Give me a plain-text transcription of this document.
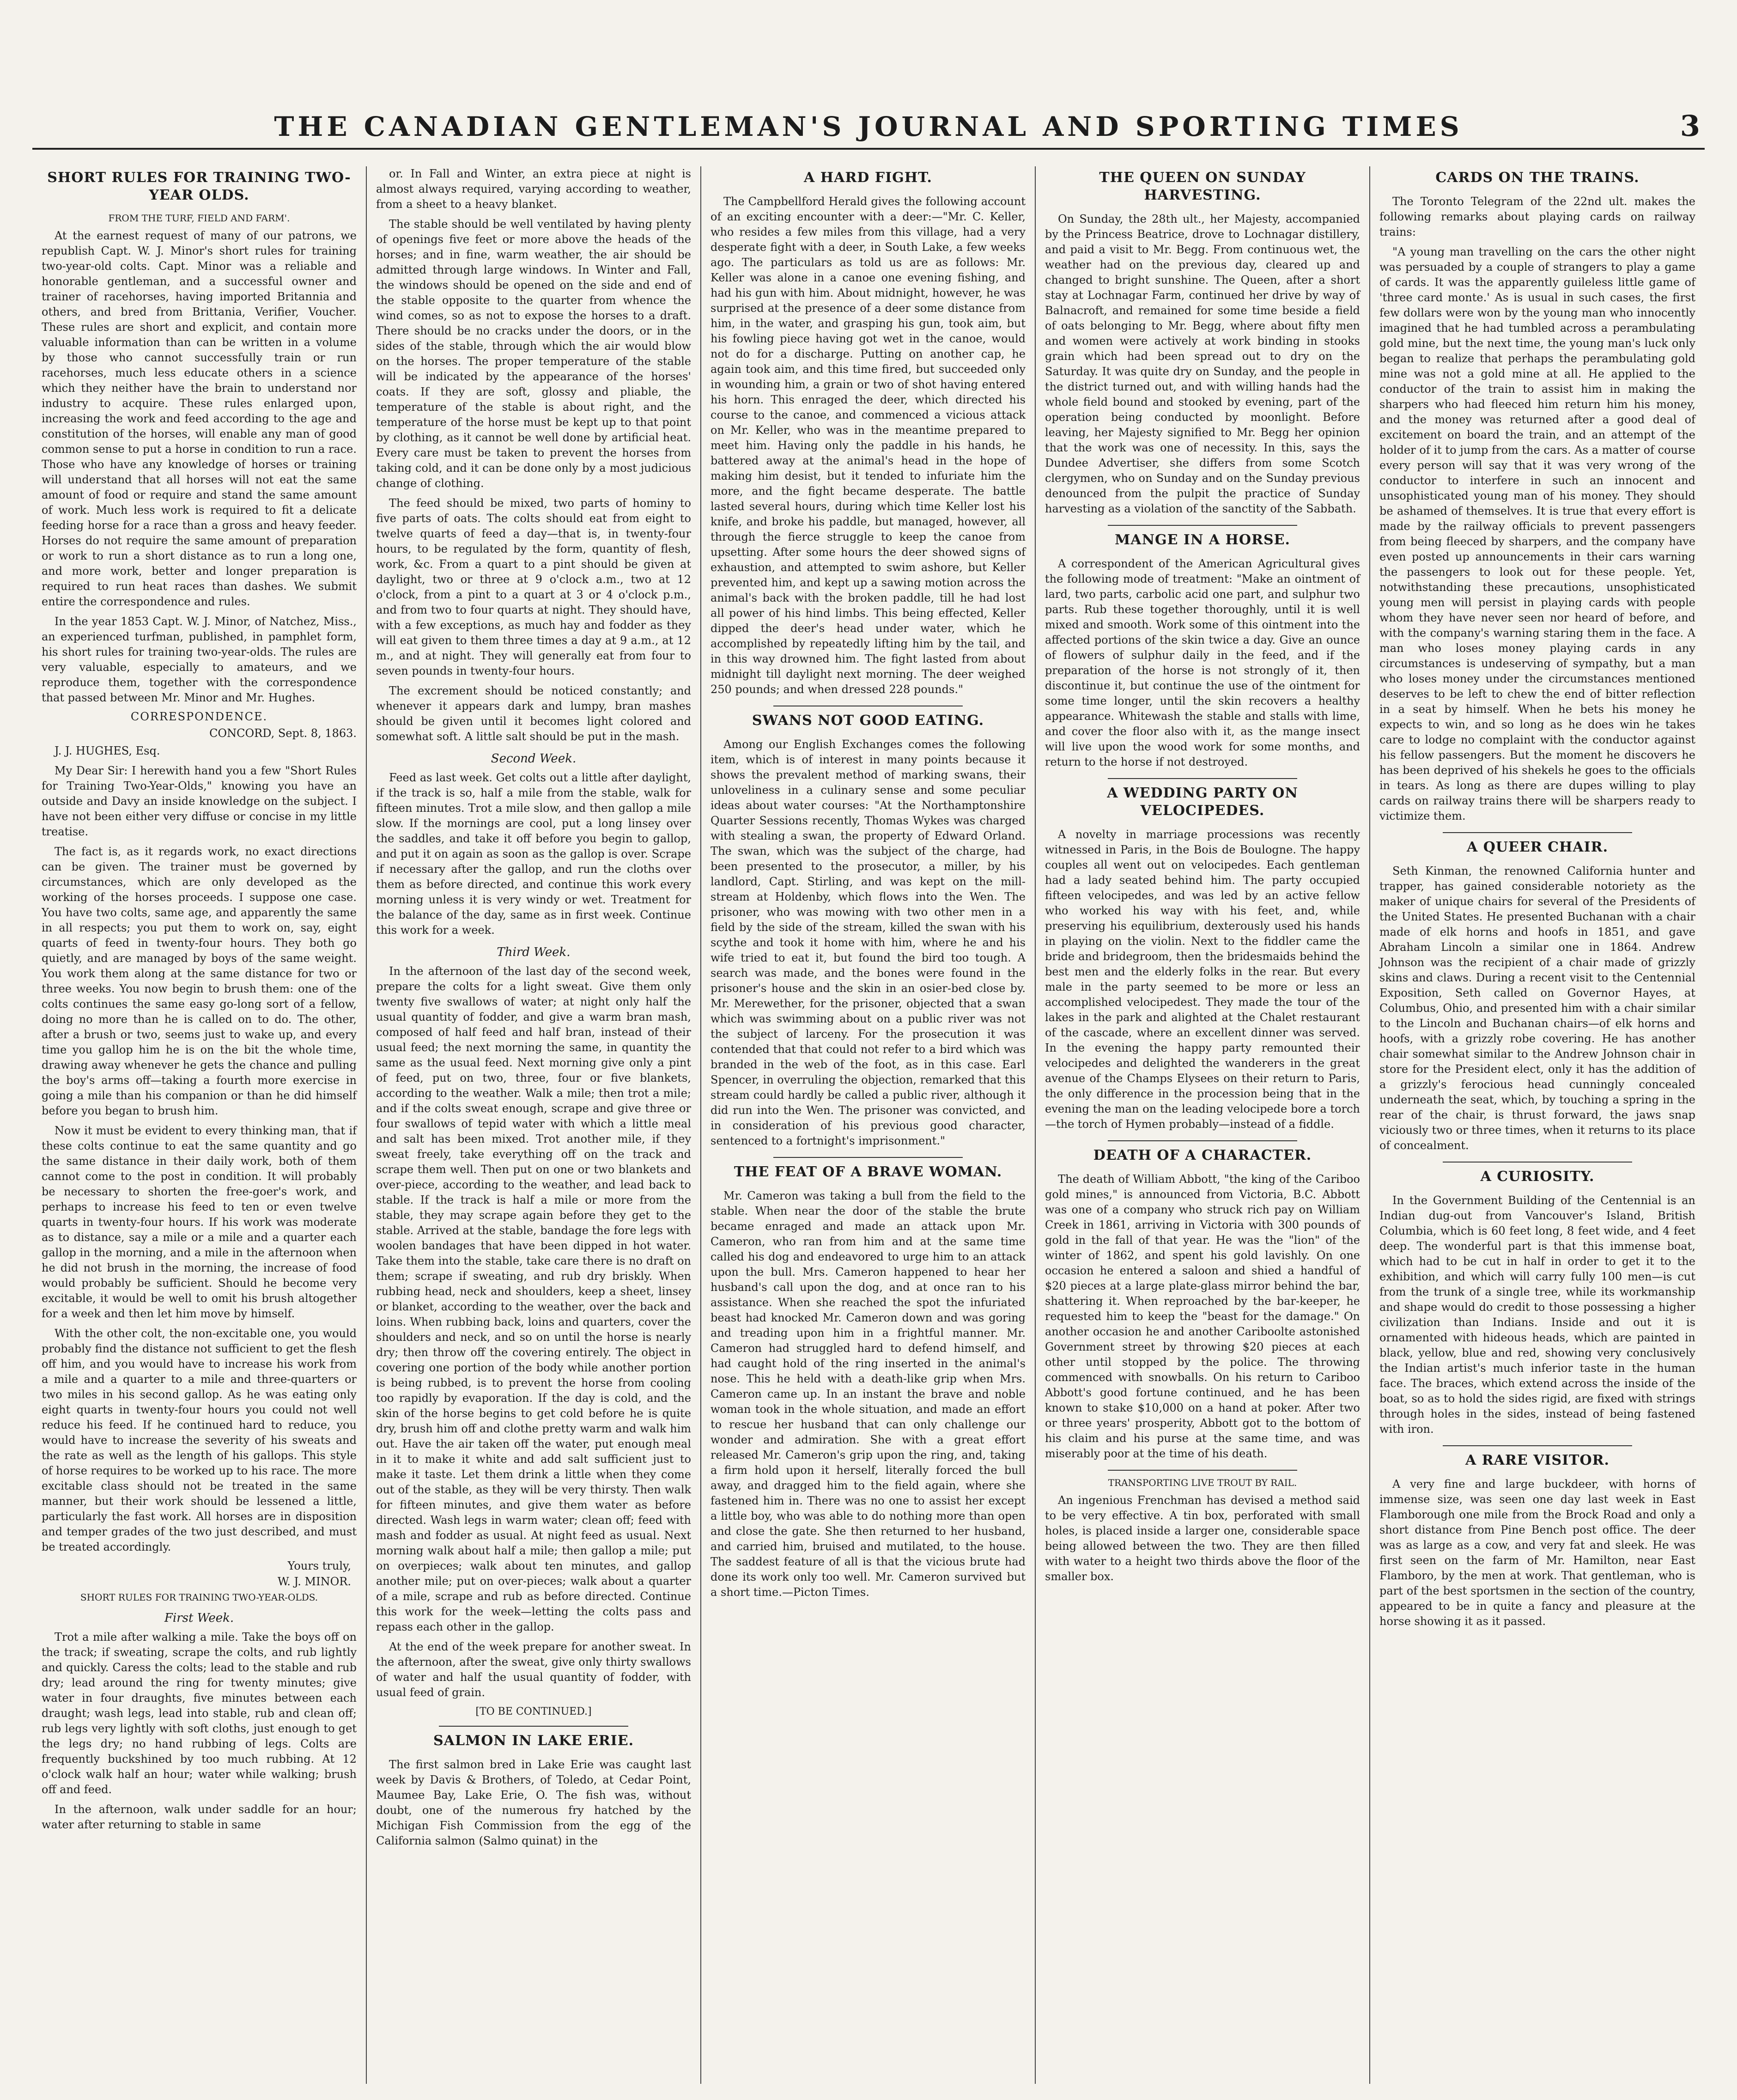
THE CANADIAN GENTLEMAN'S JOURNAL AND SPORTING TIMES	3
SHORT RULES FOR TRAINING TWO-YEAR OLDS.
FROM THE TURF, FIELD AND FARM'.

At the earnest request of many of our patrons, we republish Capt. W. J. Minor's short rules for training two-year-old colts. Capt. Minor was a reliable and honorable gentleman, and a successful owner and trainer of racehorses, having imported Britannia and others, and bred from Brittania, Verifier, Voucher. These rules are short and explicit, and contain more valuable information than can be written in a volume by those who cannot successfully train or run racehorses, much less educate others in a science which they neither have the brain to understand nor industry to acquire. These rules enlarged upon, increasing the work and feed according to the age and constitution of the horses, will enable any man of good common sense to put a horse in condition to run a race. Those who have any knowledge of horses or training will understand that all horses will not eat the same amount of food or require and stand the same amount of work. Much less work is required to fit a delicate feeding horse for a race than a gross and heavy feeder. Horses do not require the same amount of preparation or work to run a short distance as to run a long one, and more work, better and longer preparation is required to run heat races than dashes. We submit entire the correspondence and rules.

In the year 1853 Capt. W. J. Minor, of Natchez, Miss., an experienced turfman, published, in pamphlet form, his short rules for training two-year-olds. The rules are very valuable, especially to amateurs, and we reproduce them, together with the correspondence that passed between Mr. Minor and Mr. Hughes.

CORRESPONDENCE.
CONCORD, Sept. 8, 1863.

J. J. HUGHES, Esq.

My Dear Sir: I herewith hand you a few "Short Rules for Training Two-Year-Olds," knowing you have an outside and Davy an inside knowledge on the subject. I have not been either very diffuse or concise in my little treatise.

The fact is, as it regards work, no exact directions can be given. The trainer must be governed by circumstances, which are only developed as the working of the horses proceeds. I suppose one case. You have two colts, same age, and apparently the same in all respects; you put them to work on, say, eight quarts of feed in twenty-four hours. They both go quietly, and are managed by boys of the same weight. You work them along at the same distance for two or three weeks. You now begin to brush them: one of the colts continues the same easy go-long sort of a fellow, doing no more than he is called on to do. The other, after a brush or two, seems just to wake up, and every time you gallop him he is on the bit the whole time, drawing away whenever he gets the chance and pulling the boy's arms off—taking a fourth more exercise in going a mile than his companion or than he did himself before you began to brush him.

Now it must be evident to every thinking man, that if these colts continue to eat the same quantity and go the same distance in their daily work, both of them cannot come to the post in condition. It will probably be necessary to shorten the free-goer's work, and perhaps to increase his feed to ten or even twelve quarts in twenty-four hours. If his work was moderate as to distance, say a mile or a mile and a quarter each gallop in the morning, and a mile in the afternoon when he did not brush in the morning, the increase of food would probably be sufficient. Should he become very excitable, it would be well to omit his brush altogether for a week and then let him move by himself.

With the other colt, the non-excitable one, you would probably find the distance not sufficient to get the flesh off him, and you would have to increase his work from a mile and a quarter to a mile and three-quarters or two miles in his second gallop. As he was eating only eight quarts in twenty-four hours you could not well reduce his feed. If he continued hard to reduce, you would have to increase the severity of his sweats and the rate as well as the length of his gallops. This style of horse requires to be worked up to his race. The more excitable class should not be treated in the same manner, but their work should be lessened a little, particularly the fast work. All horses are in disposition and temper grades of the two just described, and must be treated accordingly.

Yours truly,
W. J. MINOR.
SHORT RULES FOR TRAINING TWO-YEAR-OLDS.
First Week.

Trot a mile after walking a mile. Take the boys off on the track; if sweating, scrape the colts, and rub lightly and quickly. Caress the colts; lead to the stable and rub dry; lead around the ring for twenty minutes; give water in four draughts, five minutes between each draught; wash legs, lead into stable, rub and clean off; rub legs very lightly with soft cloths, just enough to get the legs dry; no hand rubbing of legs. Colts are frequently buckshined by too much rubbing. At 12 o'clock walk half an hour; water while walking; brush off and feed.

In the afternoon, walk under saddle for an hour; water after returning to stable in same

or. In Fall and Winter, an extra piece at night is almost always required, varying according to weather, from a sheet to a heavy blanket.

The stable should be well ventilated by having plenty of openings five feet or more above the heads of the horses; and in fine, warm weather, the air should be admitted through large windows. In Winter and Fall, the windows should be opened on the side and end of the stable opposite to the quarter from whence the wind comes, so as not to expose the horses to a draft. There should be no cracks under the doors, or in the sides of the stable, through which the air would blow on the horses. The proper temperature of the stable will be indicated by the appearance of the horses' coats. If they are soft, glossy and pliable, the temperature of the stable is about right, and the temperature of the horse must be kept up to that point by clothing, as it cannot be well done by artificial heat. Every care must be taken to prevent the horses from taking cold, and it can be done only by a most judicious change of clothing.

The feed should be mixed, two parts of hominy to five parts of oats. The colts should eat from eight to twelve quarts of feed a day—that is, in twenty-four hours, to be regulated by the form, quantity of flesh, work, &c. From a quart to a pint should be given at daylight, two or three at 9 o'clock a.m., two at 12 o'clock, from a pint to a quart at 3 or 4 o'clock p.m., and from two to four quarts at night. They should have, with a few exceptions, as much hay and fodder as they will eat given to them three times a day at 9 a.m., at 12 m., and at night. They will generally eat from four to seven pounds in twenty-four hours.

The excrement should be noticed constantly; and whenever it appears dark and lumpy, bran mashes should be given until it becomes light colored and somewhat soft. A little salt should be put in the mash.

Second Week.

Feed as last week. Get colts out a little after daylight, if the track is so, half a mile from the stable, walk for fifteen minutes. Trot a mile slow, and then gallop a mile slow. If the mornings are cool, put a long linsey over the saddles, and take it off before you begin to gallop, and put it on again as soon as the gallop is over. Scrape if necessary after the gallop, and run the cloths over them as before directed, and continue this work every morning unless it is very windy or wet. Treatment for the balance of the day, same as in first week. Continue this work for a week.

Third Week.

In the afternoon of the last day of the second week, prepare the colts for a light sweat. Give them only twenty five swallows of water; at night only half the usual quantity of fodder, and give a warm bran mash, composed of half feed and half bran, instead of their usual feed; the next morning the same, in quantity the same as the usual feed. Next morning give only a pint of feed, put on two, three, four or five blankets, according to the weather. Walk a mile; then trot a mile; and if the colts sweat enough, scrape and give three or four swallows of tepid water with which a little meal and salt has been mixed. Trot another mile, if they sweat freely, take everything off on the track and scrape them well. Then put on one or two blankets and over-piece, according to the weather, and lead back to stable. If the track is half a mile or more from the stable, they may scrape again before they get to the stable. Arrived at the stable, bandage the fore legs with woolen bandages that have been dipped in hot water. Take them into the stable, take care there is no draft on them; scrape if sweating, and rub dry briskly. When rubbing head, neck and shoulders, keep a sheet, linsey or blanket, according to the weather, over the back and loins. When rubbing back, loins and quarters, cover the shoulders and neck, and so on until the horse is nearly dry; then throw off the covering entirely. The object in covering one portion of the body while another portion is being rubbed, is to prevent the horse from cooling too rapidly by evaporation. If the day is cold, and the skin of the horse begins to get cold before he is quite dry, brush him off and clothe pretty warm and walk him out. Have the air taken off the water, put enough meal in it to make it white and add salt sufficient just to make it taste. Let them drink a little when they come out of the stable, as they will be very thirsty. Then walk for fifteen minutes, and give them water as before directed. Wash legs in warm water; clean off; feed with mash and fodder as usual. At night feed as usual. Next morning walk about half a mile; then gallop a mile; put on overpieces; walk about ten minutes, and gallop another mile; put on over-pieces; walk about a quarter of a mile, scrape and rub as before directed. Continue this work for the week—letting the colts pass and repass each other in the gallop.

At the end of the week prepare for another sweat. In the afternoon, after the sweat, give only thirty swallows of water and half the usual quantity of fodder, with usual feed of grain.

[TO BE CONTINUED.]
SALMON IN LAKE ERIE.

The first salmon bred in Lake Erie was caught last week by Davis & Brothers, of Toledo, at Cedar Point, Maumee Bay, Lake Erie, O. The fish was, without doubt, one of the numerous fry hatched by the Michigan Fish Commission from the egg of the California salmon (Salmo quinat) in the

A HARD FIGHT.

The Campbellford Herald gives the following account of an exciting encounter with a deer:—"Mr. C. Keller, who resides a few miles from this village, had a very desperate fight with a deer, in South Lake, a few weeks ago. The particulars as told us are as follows: Mr. Keller was alone in a canoe one evening fishing, and had his gun with him. About midnight, however, he was surprised at the presence of a deer some distance from him, in the water, and grasping his gun, took aim, but his fowling piece having got wet in the canoe, would not do for a discharge. Putting on another cap, he again took aim, and this time fired, but succeeded only in wounding him, a grain or two of shot having entered his horn. This enraged the deer, which directed his course to the canoe, and commenced a vicious attack on Mr. Keller, who was in the meantime prepared to meet him. Having only the paddle in his hands, he battered away at the animal's head in the hope of making him desist, but it tended to infuriate him the more, and the fight became desperate. The battle lasted several hours, during which time Keller lost his knife, and broke his paddle, but managed, however, all through the fierce struggle to keep the canoe from upsetting. After some hours the deer showed signs of exhaustion, and attempted to swim ashore, but Keller prevented him, and kept up a sawing motion across the animal's back with the broken paddle, till he had lost all power of his hind limbs. This being effected, Keller dipped the deer's head under water, which he accomplished by repeatedly lifting him by the tail, and in this way drowned him. The fight lasted from about midnight till daylight next morning. The deer weighed 250 pounds; and when dressed 228 pounds."

SWANS NOT GOOD EATING.

Among our English Exchanges comes the following item, which is of interest in many points because it shows the prevalent method of marking swans, their unloveliness in a culinary sense and some peculiar ideas about water courses: "At the Northamptonshire Quarter Sessions recently, Thomas Wykes was charged with stealing a swan, the property of Edward Orland. The swan, which was the subject of the charge, had been presented to the prosecutor, a miller, by his landlord, Capt. Stirling, and was kept on the mill-stream at Holdenby, which flows into the Wen. The prisoner, who was mowing with two other men in a field by the side of the stream, killed the swan with his scythe and took it home with him, where he and his wife tried to eat it, but found the bird too tough. A search was made, and the bones were found in the prisoner's house and the skin in an osier-bed close by. Mr. Merewether, for the prisoner, objected that a swan which was swimming about on a public river was not the subject of larceny. For the prosecution it was contended that that could not refer to a bird which was branded in the web of the foot, as in this case. Earl Spencer, in overruling the objection, remarked that this stream could hardly be called a public river, although it did run into the Wen. The prisoner was convicted, and in consideration of his previous good character, sentenced to a fortnight's imprisonment."

THE FEAT OF A BRAVE WOMAN.

Mr. Cameron was taking a bull from the field to the stable. When near the door of the stable the brute became enraged and made an attack upon Mr. Cameron, who ran from him and at the same time called his dog and endeavored to urge him to an attack upon the bull. Mrs. Cameron happened to hear her husband's call upon the dog, and at once ran to his assistance. When she reached the spot the infuriated beast had knocked Mr. Cameron down and was goring and treading upon him in a frightful manner. Mr. Cameron had struggled hard to defend himself, and had caught hold of the ring inserted in the animal's nose. This he held with a death-like grip when Mrs. Cameron came up. In an instant the brave and noble woman took in the whole situation, and made an effort to rescue her husband that can only challenge our wonder and admiration. She with a great effort released Mr. Cameron's grip upon the ring, and, taking a firm hold upon it herself, literally forced the bull away, and dragged him to the field again, where she fastened him in. There was no one to assist her except a little boy, who was able to do nothing more than open and close the gate. She then returned to her husband, and carried him, bruised and mutilated, to the house. The saddest feature of all is that the vicious brute had done its work only too well. Mr. Cameron survived but a short time.—Picton Times.

THE QUEEN ON SUNDAY HARVESTING.

On Sunday, the 28th ult., her Majesty, accompanied by the Princess Beatrice, drove to Lochnagar distillery, and paid a visit to Mr. Begg. From continuous wet, the weather had on the previous day, cleared up and changed to bright sunshine. The Queen, after a short stay at Lochnagar Farm, continued her drive by way of Balnacroft, and remained for some time beside a field of oats belonging to Mr. Begg, where about fifty men and women were actively at work binding in stooks grain which had been spread out to dry on the Saturday. It was quite dry on Sunday, and the people in the district turned out, and with willing hands had the whole field bound and stooked by evening, part of the operation being conducted by moonlight. Before leaving, her Majesty signified to Mr. Begg her opinion that the work was one of necessity. In this, says the Dundee Advertiser, she differs from some Scotch clergymen, who on Sunday and on the Sunday previous denounced from the pulpit the practice of Sunday harvesting as a violation of the sanctity of the Sabbath.

MANGE IN A HORSE.

A correspondent of the American Agricultural gives the following mode of treatment: "Make an ointment of lard, two parts, carbolic acid one part, and sulphur two parts. Rub these together thoroughly, until it is well mixed and smooth. Work some of this ointment into the affected portions of the skin twice a day. Give an ounce of flowers of sulphur daily in the feed, and if the preparation of the horse is not strongly of it, then discontinue it, but continue the use of the ointment for some time longer, until the skin recovers a healthy appearance. Whitewash the stable and stalls with lime, and cover the floor also with it, as the mange insect will live upon the wood work for some months, and return to the horse if not destroyed.

A WEDDING PARTY ON VELOCIPEDES.

A novelty in marriage processions was recently witnessed in Paris, in the Bois de Boulogne. The happy couples all went out on velocipedes. Each gentleman had a lady seated behind him. The party occupied fifteen velocipedes, and was led by an active fellow who worked his way with his feet, and, while preserving his equilibrium, dexterously used his hands in playing on the violin. Next to the fiddler came the bride and bridegroom, then the bridesmaids behind the best men and the elderly folks in the rear. But every male in the party seemed to be more or less an accomplished velocipedest. They made the tour of the lakes in the park and alighted at the Chalet restaurant of the cascade, where an excellent dinner was served. In the evening the happy party remounted their velocipedes and delighted the wanderers in the great avenue of the Champs Elysees on their return to Paris, the only difference in the procession being that in the evening the man on the leading velocipede bore a torch—the torch of Hymen probably—instead of a fiddle.

DEATH OF A CHARACTER.

The death of William Abbott, "the king of the Cariboo gold mines," is announced from Victoria, B.C. Abbott was one of a company who struck rich pay on William Creek in 1861, arriving in Victoria with 300 pounds of gold in the fall of that year. He was the "lion" of the winter of 1862, and spent his gold lavishly. On one occasion he entered a saloon and shied a handful of $20 pieces at a large plate-glass mirror behind the bar, shattering it. When reproached by the bar-keeper, he requested him to keep the "beast for the damage." On another occasion he and another Cariboolte astonished Government street by throwing $20 pieces at each other until stopped by the police. The throwing commenced with snowballs. On his return to Cariboo Abbott's good fortune continued, and he has been known to stake $10,000 on a hand at poker. After two or three years' prosperity, Abbott got to the bottom of his claim and his purse at the same time, and was miserably poor at the time of his death.

TRANSPORTING LIVE TROUT BY RAIL.

An ingenious Frenchman has devised a method said to be very effective. A tin box, perforated with small holes, is placed inside a larger one, considerable space being allowed between the two. They are then filled with water to a height two thirds above the floor of the smaller box.

CARDS ON THE TRAINS.

The Toronto Telegram of the 22nd ult. makes the following remarks about playing cards on railway trains:

"A young man travelling on the cars the other night was persuaded by a couple of strangers to play a game of cards. It was the apparently guileless little game of 'three card monte.' As is usual in such cases, the first few dollars were won by the young man who innocently imagined that he had tumbled across a perambulating gold mine, but the next time, the young man's luck only began to realize that perhaps the perambulating gold mine was not a gold mine at all. He applied to the conductor of the train to assist him in making the sharpers who had fleeced him return him his money, and the money was returned after a good deal of excitement on board the train, and an attempt of the holder of it to jump from the cars. As a matter of course every person will say that it was very wrong of the conductor to interfere in such an innocent and unsophisticated young man of his money. They should be ashamed of themselves. It is true that every effort is made by the railway officials to prevent passengers from being fleeced by sharpers, and the company have even posted up announcements in their cars warning the passengers to look out for these people. Yet, notwithstanding these precautions, unsophisticated young men will persist in playing cards with people whom they have never seen nor heard of before, and with the company's warning staring them in the face. A man who loses money playing cards in any circumstances is undeserving of sympathy, but a man who loses money under the circumstances mentioned deserves to be left to chew the end of bitter reflection in a seat by himself. When he bets his money he expects to win, and so long as he does win he takes care to lodge no complaint with the conductor against his fellow passengers. But the moment he discovers he has been deprived of his shekels he goes to the officials in tears. As long as there are dupes willing to play cards on railway trains there will be sharpers ready to victimize them.

A QUEER CHAIR.

Seth Kinman, the renowned California hunter and trapper, has gained considerable notoriety as the maker of unique chairs for several of the Presidents of the United States. He presented Buchanan with a chair made of elk horns and hoofs in 1851, and gave Abraham Lincoln a similar one in 1864. Andrew Johnson was the recipient of a chair made of grizzly skins and claws. During a recent visit to the Centennial Exposition, Seth called on Governor Hayes, at Columbus, Ohio, and presented him with a chair similar to the Lincoln and Buchanan chairs—of elk horns and hoofs, with a grizzly robe covering. He has another chair somewhat similar to the Andrew Johnson chair in store for the President elect, only it has the addition of a grizzly's ferocious head cunningly concealed underneath the seat, which, by touching a spring in the rear of the chair, is thrust forward, the jaws snap viciously two or three times, when it returns to its place of concealment.

A CURIOSITY.

In the Government Building of the Centennial is an Indian dug-out from Vancouver's Island, British Columbia, which is 60 feet long, 8 feet wide, and 4 feet deep. The wonderful part is that this immense boat, which had to be cut in half in order to get it to the exhibition, and which will carry fully 100 men—is cut from the trunk of a single tree, while its workmanship and shape would do credit to those possessing a higher civilization than Indians. Inside and out it is ornamented with hideous heads, which are painted in black, yellow, blue and red, showing very conclusively the Indian artist's much inferior taste in the human face. The braces, which extend across the inside of the boat, so as to hold the sides rigid, are fixed with strings through holes in the sides, instead of being fastened with iron.

A RARE VISITOR.

A very fine and large buckdeer, with horns of immense size, was seen one day last week in East Flamborough one mile from the Brock Road and only a short distance from Pine Bench post office. The deer was as large as a cow, and very fat and sleek. He was first seen on the farm of Mr. Hamilton, near East Flamboro, by the men at work. That gentleman, who is part of the best sportsmen in the section of the country, appeared to be in quite a fancy and pleasure at the horse showing it as it passed.
